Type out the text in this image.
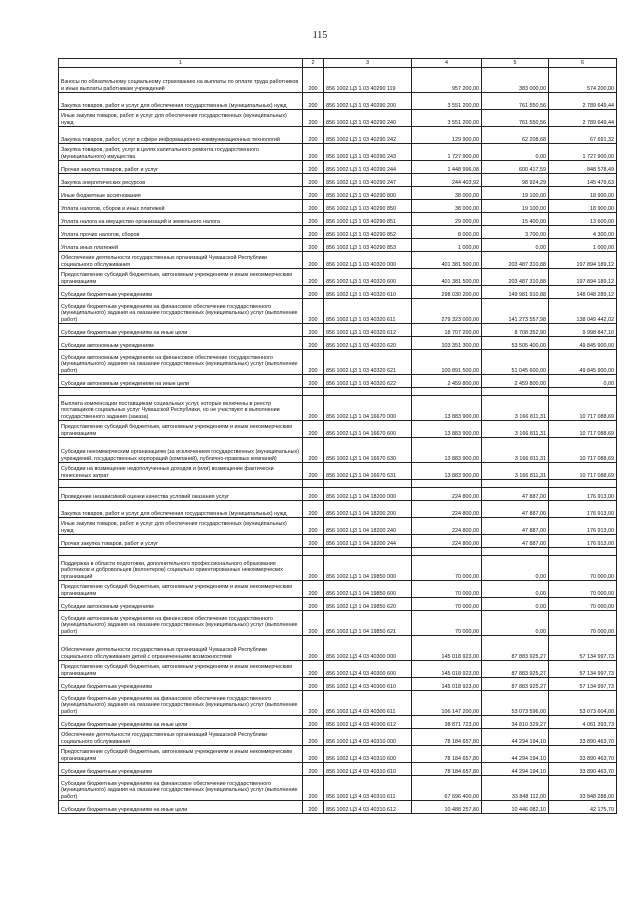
115
1	2	3	4	5	6
Взносы по обязательному социальному страхованию на выплаты по оплате труда работников и иные выплаты работникам учреждений	200	856 1002 Ц3 1 03 40290 119	957 200,00	383 000,00	574 200,00
Закупка товаров, работ и услуг для обеспечения государственных (муниципальных) нужд	200	856 1002 Ц3 1 03 40290 200	3 551 200,00	761 550,56	2 789 649,44
Иные закупки товаров, работ и услуг для обеспечения государственных (муниципальных) нужд	200	856 1002 Ц3 1 03 40290 240	3 551 200,00	761 550,56	2 789 649,44
Закупка товаров, работ, услуг в сфере информационно-коммуникационных технологий	200	856 1002 Ц3 1 03 40290 242	129 900,00	62 208,68	67 691,32
Закупка товаров, работ, услуг в целях капитального ремонта государственного (муниципального) имущества	200	856 1002 Ц3 1 03 40290 243	1 727 900,00	0,00	1 727 900,00
Прочая закупка товаров, работ и услуг	200	856 1002 Ц3 1 03 40290 244	1 448 996,08	600 417,59	848 578,49
Закупка энергетических ресурсов	200	856 1002 Ц3 1 03 40290 247	244 403,92	98 924,29	145 479,63
Иные бюджетные ассигнования	200	856 1002 Ц3 1 03 40290 800	38 000,00	19 100,00	18 900,00
Уплата налогов, сборов и иных платежей	200	856 1002 Ц3 1 03 40290 850	38 000,00	19 100,00	18 900,00
Уплата налога на имущество организаций и земельного налога	200	856 1002 Ц3 1 03 40290 851	29 000,00	15 400,00	13 600,00
Уплата прочих налогов, сборов	200	856 1002 Ц3 1 03 40290 852	8 000,00	3 700,00	4 300,00
Уплата иных платежей	200	856 1002 Ц3 1 03 40290 853	1 000,00	0,00	1 000,00
Обеспечение деятельности государственных организаций Чувашской Республики социального обслуживания	200	856 1002 Ц3 1 03 40320 000	401 381 500,00	203 487 310,88	197 894 189,12
Предоставление субсидий бюджетным, автономным учреждениям и иным некоммерческим организациям	200	856 1002 Ц3 1 03 40320 600	401 381 500,00	203 487 310,88	197 894 189,12
Субсидии бюджетным учреждениям	200	856 1002 Ц3 1 03 40320 610	298 030 200,00	149 981 910,88	148 048 289,12
Субсидии бюджетным учреждениям на финансовое обеспечение государственного (муниципального) задания на оказание государственных (муниципальных) услуг (выполнение работ)	200	856 1002 Ц3 1 03 40320 611	279 323 000,00	141 273 557,98	138 049 442,02
Субсидии бюджетным учреждениям на иные цели	200	856 1002 Ц3 1 03 40320 612	18 707 200,00	8 708 352,90	9 998 847,10
Субсидии автономным учреждениям	200	856 1002 Ц3 1 03 40320 620	103 351 300,00	53 505 400,00	49 845 900,00
Субсидии автономным учреждениям на финансовое обеспечение государственного (муниципального) задания на оказание государственных (муниципальных) услуг (выполнение работ)	200	856 1002 Ц3 1 03 40320 621	100 891 500,00	51 045 600,00	49 845 900,00
Субсидии автономным учреждениям на иные цели	200	856 1002 Ц3 1 03 40320 622	2 459 800,00	2 459 800,00	0,00

Выплата компенсации поставщикам социальных услуг, которые включены в реестр поставщиков социальных услуг Чувашской Республики, но не участвуют в выполнении государственного задания (заказа)	200	856 1002 Ц3 1 04 16670 000	13 883 900,00	3 166 811,31	10 717 088,69
Предоставление субсидий бюджетным, автономным учреждениям и иным некоммерческим организациям	200	856 1002 Ц3 1 04 16670 600	13 883 900,00	3 166 811,31	10 717 088,69
Субсидии некоммерческим организациям (за исключением государственных (муниципальных) учреждений, государственных корпораций (компаний), публично-правовых компаний)	200	856 1002 Ц3 1 04 16670 630	13 883 900,00	3 166 811,31	10 717 088,69
Субсидии на возмещение недополученных доходов и (или) возмещение фактически понесенных затрат	200	856 1002 Ц3 1 04 16670 631	13 883 900,00	3 166 811,31	10 717 088,69

Проведение независимой оценки качества условий оказания услуг	200	856 1002 Ц3 1 04 18200 000	224 800,00	47 887,00	176 913,00
Закупка товаров, работ и услуг для обеспечения государственных (муниципальных) нужд	200	856 1002 Ц3 1 04 18200 200	224 800,00	47 887,00	176 913,00
Иные закупки товаров, работ и услуг для обеспечения государственных (муниципальных) нужд	200	856 1002 Ц3 1 04 18200 240	224 800,00	47 887,00	176 913,00
Прочая закупка товаров, работ и услуг	200	856 1002 Ц3 1 04 18200 244	224 800,00	47 887,00	176 913,00

Поддержка в области подготовки, дополнительного профессионального образования работников и добровольцев (волонтеров) социально ориентированных некоммерческих организаций	200	856 1002 Ц3 1 04 19850 000	70 000,00	0,00	70 000,00
Предоставление субсидий бюджетным, автономным учреждениям и иным некоммерческим организациям	200	856 1002 Ц3 1 04 19850 600	70 000,00	0,00	70 000,00
Субсидии автономным учреждениям	200	856 1002 Ц3 1 04 19850 620	70 000,00	0,00	70 000,00
Субсидии автономным учреждениям на финансовое обеспечение государственного (муниципального) задания на оказание государственных (муниципальных) услуг (выполнение работ)	200	856 1002 Ц3 1 04 19850 621	70 000,00	0,00	70 000,00
Обеспечение деятельности государственных организаций Чувашской Республики социального обслуживания детей с ограниченными возможностями	200	856 1002 Ц3 4 03 40300 000	145 018 923,00	87 883 925,27	57 134 997,73
Предоставление субсидий бюджетным, автономным учреждениям и иным некоммерческим организациям	200	856 1002 Ц3 4 03 40300 600	145 018 923,00	87 883 925,27	57 134 997,73
Субсидии бюджетным учреждениям	200	856 1002 Ц3 4 03 40300 610	145 018 923,00	87 883 925,27	57 134 997,73
Субсидии бюджетным учреждениям на финансовое обеспечение государственного (муниципального) задания на оказание государственных (муниципальных) услуг (выполнение работ)	200	856 1002 Ц3 4 03 40300 611	106 147 200,00	53 073 596,00	53 073 604,00
Субсидии бюджетным учреждениям на иные цели	200	856 1002 Ц3 4 03 40300 612	38 871 723,00	34 810 329,27	4 061 393,73
Обеспечение деятельности государственных организаций Чувашской Республики социального обслуживания	200	856 1002 Ц3 4 03 40310 000	78 184 657,80	44 294 194,10	33 890 463,70
Предоставление субсидий бюджетным, автономным учреждениям и иным некоммерческим организациям	200	856 1002 Ц3 4 03 40310 600	78 184 657,80	44 294 194,10	33 890 463,70
Субсидии бюджетным учреждениям	200	856 1002 Ц3 4 03 40310 610	78 184 657,80	44 294 194,10	33 890 463,70
Субсидии бюджетным учреждениям на финансовое обеспечение государственного (муниципального) задания на оказание государственных (муниципальных) услуг (выполнение работ)	200	856 1002 Ц3 4 03 40310 611	67 696 400,00	33 848 112,00	33 848 288,00
Субсидии бюджетным учреждениям на иные цели	200	856 1002 Ц3 4 03 40310 612	10 488 257,80	10 446 082,10	42 175,70
